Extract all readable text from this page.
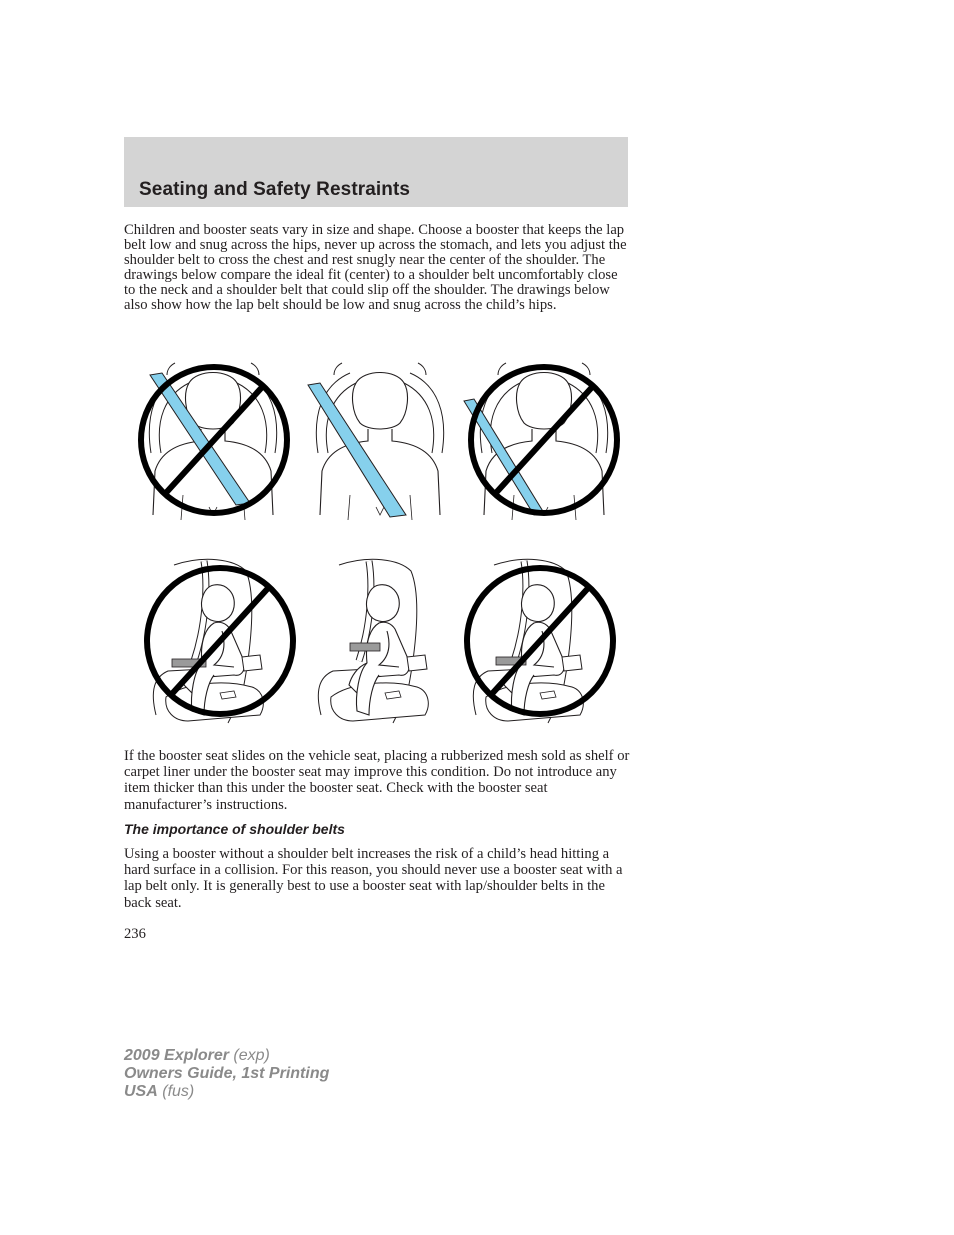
Seating and Safety Restraints

Children and booster seats vary in size and shape. Choose a booster that keeps the lap belt low and snug across the hips, never up across the stomach, and lets you adjust the shoulder belt to cross the chest and rest snugly near the center of the shoulder. The drawings below compare the ideal fit (center) to a shoulder belt uncomfortably close to the neck and a shoulder belt that could slip off the shoulder. The drawings below also show how the lap belt should be low and snug across the child’s hips.

If the booster seat slides on the vehicle seat, placing a rubberized mesh sold as shelf or carpet liner under the booster seat may improve this condition. Do not introduce any item thicker than this under the booster seat. Check with the booster seat manufacturer’s instructions.

The importance of shoulder belts

Using a booster without a shoulder belt increases the risk of a child’s head hitting a hard surface in a collision. For this reason, you should never use a booster seat with a lap belt only. It is generally best to use a booster seat with lap/shoulder belts in the back seat.

236
2009 Explorer (exp)
Owners Guide, 1st Printing
USA (fus)
